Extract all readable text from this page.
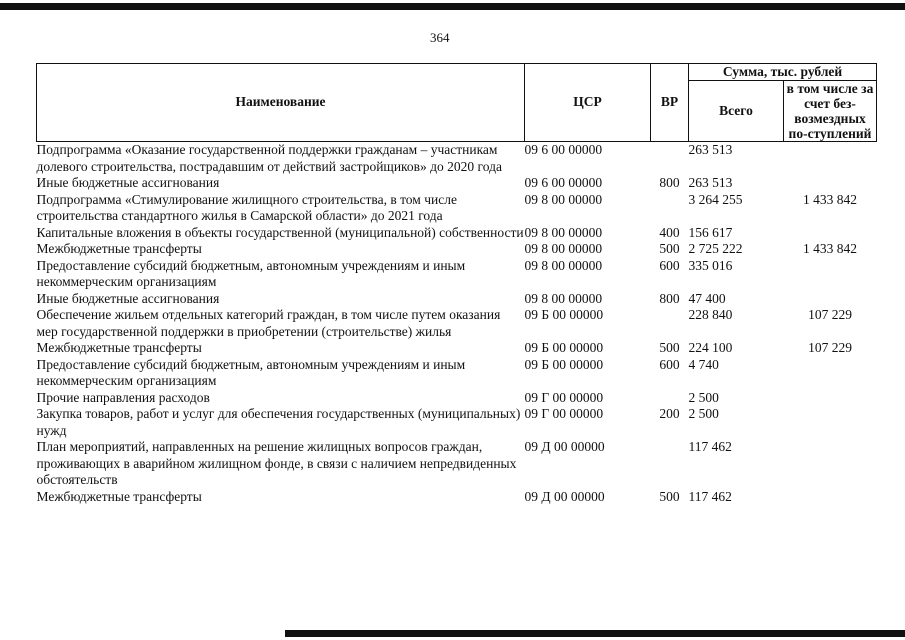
364
Наименование	ЦСР	ВР	Сумма, тыс. рублей	
			Всего	в том числе за счет без-возмездных по-ступлений
Подпрограмма «Оказание государственной поддержки гражданам – участникам долевого строительства, пострадавшим от действий застройщиков» до 2020 года	09 6 00 00000		263 513	
Иные бюджетные ассигнования	09 6 00 00000	800	263 513	
Подпрограмма «Стимулирование жилищного строительства, в том числе строительства стандартного жилья в Самарской области» до 2021 года	09 8 00 00000		3 264 255	1 433 842
Капитальные вложения в объекты государственной (муниципальной) собственности	09 8 00 00000	400	156 617	
Межбюджетные трансферты	09 8 00 00000	500	2 725 222	1 433 842
Предоставление субсидий бюджетным, автономным учреждениям и иным некоммерческим организациям	09 8 00 00000	600	335 016	
Иные бюджетные ассигнования	09 8 00 00000	800	47 400	
Обеспечение жильем отдельных категорий граждан, в том числе путем оказания мер государственной поддержки в приобретении (строительстве) жилья	09 Б 00 00000		228 840	107 229
Межбюджетные трансферты	09 Б 00 00000	500	224 100	107 229
Предоставление субсидий бюджетным, автономным учреждениям и иным некоммерческим организациям	09 Б 00 00000	600	4 740	
Прочие направления расходов	09 Г 00 00000		2 500	
Закупка товаров, работ и услуг для обеспечения государственных (муниципальных) нужд	09 Г 00 00000	200	2 500	
План мероприятий, направленных на решение жилищных вопросов граждан, проживающих в аварийном жилищном фонде, в связи с наличием непредвиденных обстоятельств	09 Д 00 00000		117 462	
Межбюджетные трансферты	09 Д 00 00000	500	117 462	
